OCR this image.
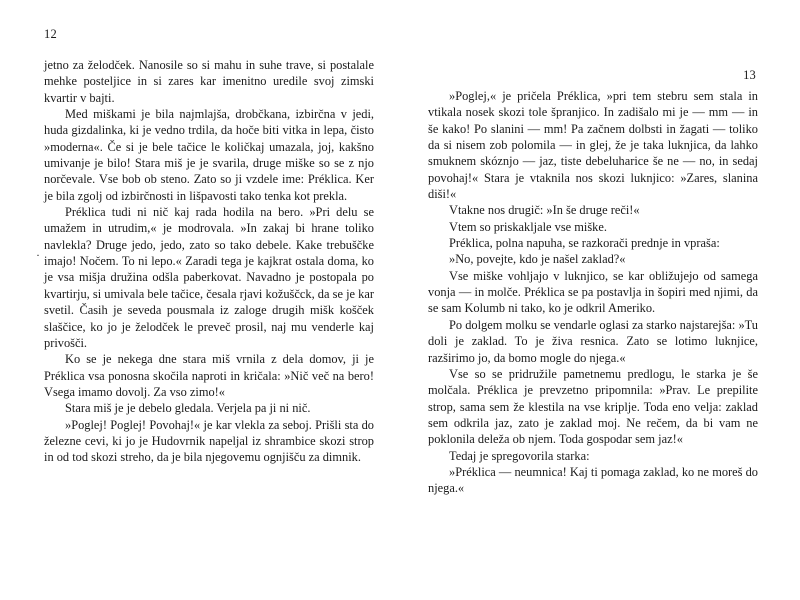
12
13

jetno za želodček. Nanosile so si mahu in suhe trave, si postalale mehke posteljice in si zares kar imenitno uredile svoj zimski kvartir v bajti.

Med miškami je bila najmlajša, drobčkana, izbirčna v jedi, huda gizdalinka, ki je vedno trdila, da hoče biti vitka in lepa, čisto »moderna«. Če si je bele tačice le količkaj umazala, joj, kakšno umivanje je bilo! Stara miš je je svarila, druge miške so se z njo norčevale. Vse bob ob steno. Zato so ji vzdele ime: Préklica. Ker je bila zgolj od izbirčnosti in lišpavosti tako tenka kot prekla.

Préklica tudi ni nič kaj rada hodila na bero. »Pri delu se umažem in utrudim,« je modrovala. »In zakaj bi hrane toliko navlekla? Druge jedo, jedo, zato so tako debele. Kake trebuščke imajo! Nočem. To ni lepo.« Zaradi tega je kajkrat ostala doma, ko je vsa mišja družina odšla paberkovat. Navadno je postopala po kvartirju, si umivala bele tačice, česala rjavi kožuščck, da se je kar svetil. Časih je seveda pousmala iz zaloge drugih mišk košček slaščice, ko jo je želodček le preveč prosil, naj mu venderle kaj privošči.

Ko se je nekega dne stara miš vrnila z dela domov, ji je Préklica vsa ponosna skočila naproti in kričala: »Nič več na bero! Vsega imamo dovolj. Za vso zimo!«

Stara miš je je debelo gledala. Verjela pa ji ni nič.

»Poglej! Poglej! Povohaj!« je kar vlekla za seboj. Prišli sta do železne cevi, ki jo je Hudovrnik napeljal iz shrambice skozi strop in od tod skozi streho, da je bila njegovemu ognjišču za dimnik.

»Poglej,« je pričela Préklica, »pri tem stebru sem stala in vtikala nosek skozi tole špranjico. In zadišalo mi je — mm — in še kako! Po slanini — mm! Pa začnem dolbsti in žagati — toliko da si nisem zob polomila — in glej, že je taka luknjica, da lahko smuknem skóznjo — jaz, tiste debeluharice še ne — no, in sedaj povohaj!« Stara je vtaknila nos skozi luknjico: »Zares, slanina diši!«

Vtakne nos drugič: »In še druge reči!«

Vtem so priskakljale vse miške.

Préklica, polna napuha, se razkorači prednje in vpraša:

»No, povejte, kdo je našel zaklad?«

Vse miške vohljajo v luknjico, se kar obližujejo od samega vonja — in molče. Préklica se pa postavlja in šopiri med njimi, da se sam Kolumb ni tako, ko je odkril Ameriko.

Po dolgem molku se vendarle oglasi za starko najstarejša: »Tu doli je zaklad. To je živa resnica. Zato se lotimo luknjice, razširimo jo, da bomo mogle do njega.«

Vse so se pridružile pametnemu predlogu, le starka je še molčala. Préklica je prevzetno pripomnila: »Prav. Le prepilite strop, sama sem že klestila na vse kriplje. Toda eno velja: zaklad sem odkrila jaz, zato je zaklad moj. Ne rečem, da bi vam ne poklonila deleža ob njem. Toda gospodar sem jaz!«

Tedaj je spregovorila starka:

»Préklica — neumnica! Kaj ti pomaga zaklad, ko ne moreš do njega.«

·
